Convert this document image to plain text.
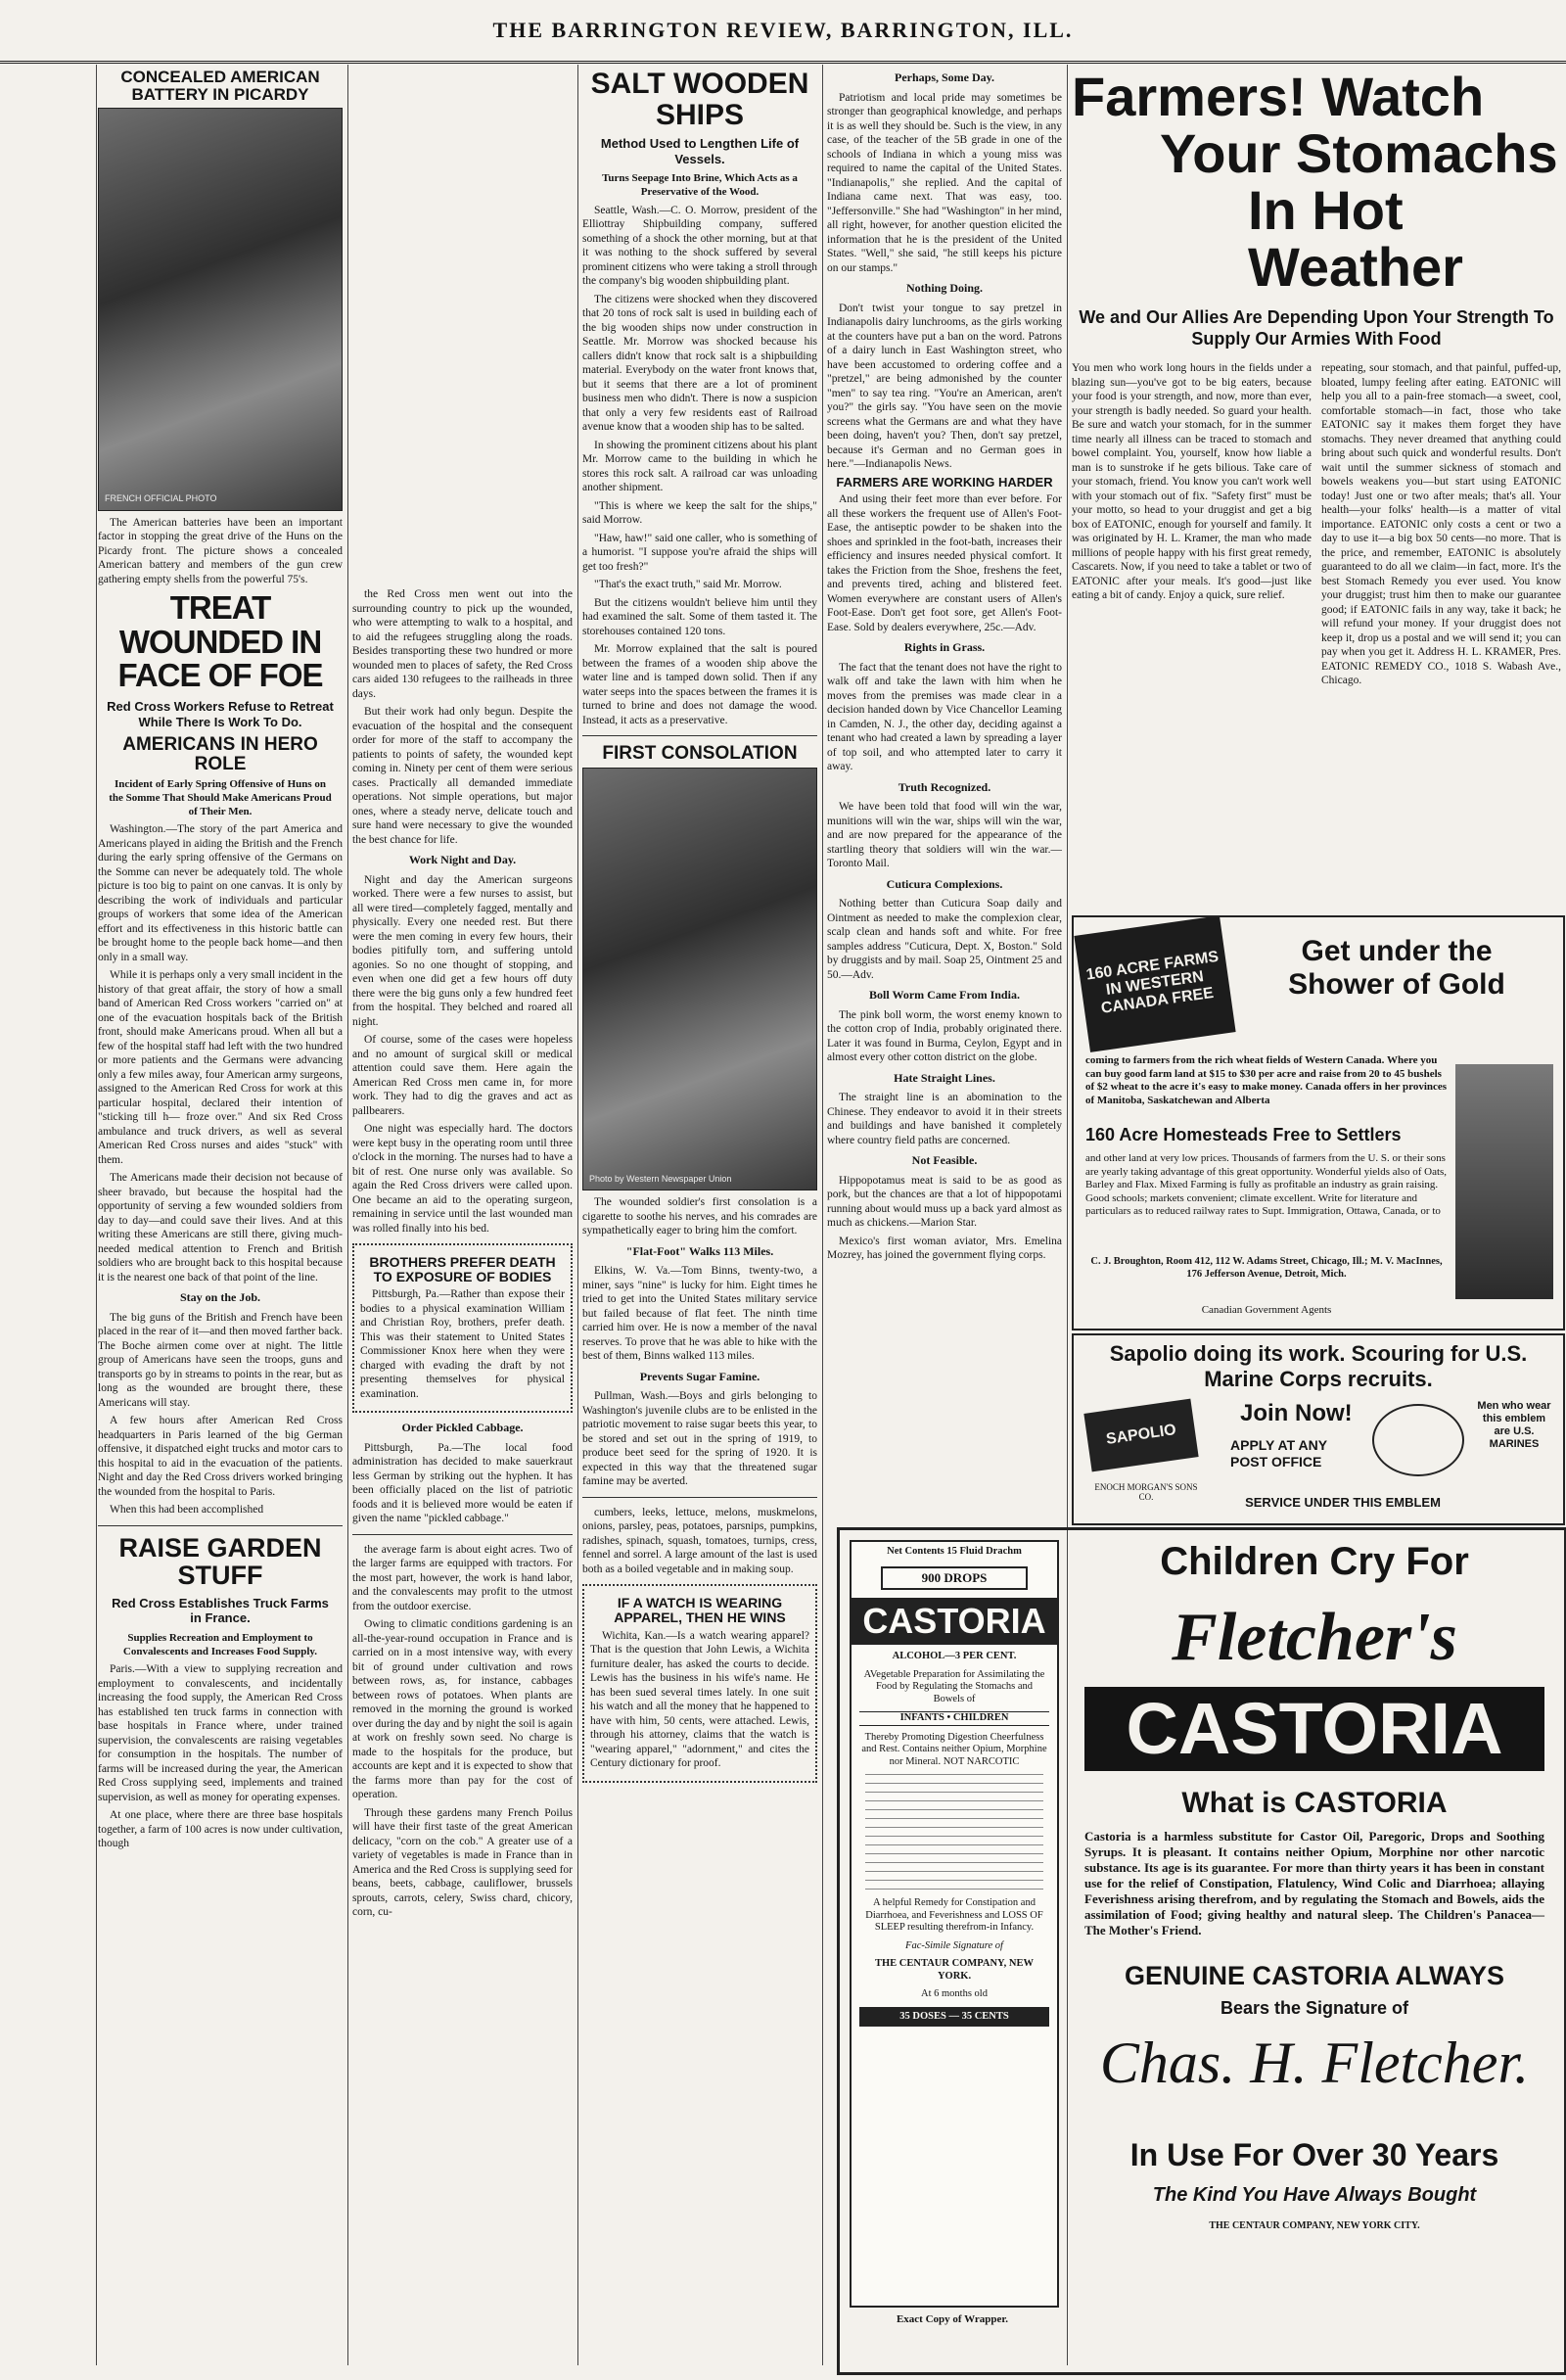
THE BARRINGTON REVIEW, BARRINGTON, ILL.
CONCEALED AMERICAN BATTERY IN PICARDY
FRENCH OFFICIAL PHOTO
The American batteries have been an important factor in stopping the great drive of the Huns on the Picardy front. The picture shows a concealed American battery and members of the gun crew gathering empty shells from the powerful 75's.
TREAT WOUNDED IN FACE OF FOE
Red Cross Workers Refuse to Retreat While There Is Work To Do.
AMERICANS IN HERO ROLE
Incident of Early Spring Offensive of Huns on the Somme That Should Make Americans Proud of Their Men.

Washington.—The story of the part America and Americans played in aiding the British and the French during the early spring offensive of the Germans on the Somme can never be adequately told. The whole picture is too big to paint on one canvas. It is only by describing the work of individuals and particular groups of workers that some idea of the American effort and its effectiveness in this historic battle can be brought home to the people back home—and then only in a small way.

While it is perhaps only a very small incident in the history of that great affair, the story of how a small band of American Red Cross workers "carried on" at one of the evacuation hospitals back of the British front, should make Americans proud. When all but a few of the hospital staff had left with the two hundred or more patients and the Germans were advancing only a few miles away, four American army surgeons, assigned to the American Red Cross for work at this particular hospital, declared their intention of "sticking till h— froze over." And six Red Cross ambulance and truck drivers, as well as several American Red Cross nurses and aides "stuck" with them.

The Americans made their decision not because of sheer bravado, but because the hospital had the opportunity of serving a few wounded soldiers from day to day—and could save their lives. And at this writing these Americans are still there, giving much-needed medical attention to French and British soldiers who are brought back to this hospital because it is the nearest one back of that point of the line.

Stay on the Job.

The big guns of the British and French have been placed in the rear of it—and then moved farther back. The Boche airmen come over at night. The little group of Americans have seen the troops, guns and transports go by in streams to points in the rear, but as long as the wounded are brought there, these Americans will stay.

A few hours after American Red Cross headquarters in Paris learned of the big German offensive, it dispatched eight trucks and motor cars to this hospital to aid in the evacuation of the patients. Night and day the Red Cross drivers worked bringing the wounded from the hospital to Paris.

When this had been accomplished

RAISE GARDEN STUFF
Red Cross Establishes Truck Farms in France.
Supplies Recreation and Employment to Convalescents and Increases Food Supply.

Paris.—With a view to supplying recreation and employment to convalescents, and incidentally increasing the food supply, the American Red Cross has established ten truck farms in connection with base hospitals in France where, under trained supervision, the convalescents are raising vegetables for consumption in the hospitals. The number of farms will be increased during the year, the American Red Cross supplying seed, implements and trained supervision, as well as money for operating expenses.

At one place, where there are three base hospitals together, a farm of 100 acres is now under cultivation, though

the Red Cross men went out into the surrounding country to pick up the wounded, who were attempting to walk to a hospital, and to aid the refugees struggling along the roads. Besides transporting these two hundred or more wounded men to places of safety, the Red Cross cars aided 130 refugees to the railheads in three days.

But their work had only begun. Despite the evacuation of the hospital and the consequent order for more of the staff to accompany the patients to points of safety, the wounded kept coming in. Ninety per cent of them were serious cases. Practically all demanded immediate operations. Not simple operations, but major ones, where a steady nerve, delicate touch and sure hand were necessary to give the wounded the best chance for life.

Work Night and Day.

Night and day the American surgeons worked. There were a few nurses to assist, but all were tired—completely fagged, mentally and physically. Every one needed rest. But there were the men coming in every few hours, their bodies pitifully torn, and suffering untold agonies. So no one thought of stopping, and even when one did get a few hours off duty there were the big guns only a few hundred feet from the hospital. They belched and roared all night.

Of course, some of the cases were hopeless and no amount of surgical skill or medical attention could save them. Here again the American Red Cross men came in, for more work. They had to dig the graves and act as pallbearers.

One night was especially hard. The doctors were kept busy in the operating room until three o'clock in the morning. The nurses had to have a bit of rest. One nurse only was available. So again the Red Cross drivers were called upon. One became an aid to the operating surgeon, remaining in service until the last wounded man was rolled finally into his bed.

BROTHERS PREFER DEATH TO EXPOSURE OF BODIES

Pittsburgh, Pa.—Rather than expose their bodies to a physical examination William and Christian Roy, brothers, prefer death. This was their statement to United States Commissioner Knox here when they were charged with evading the draft by not presenting themselves for physical examination.

Order Pickled Cabbage.

Pittsburgh, Pa.—The local food administration has decided to make sauerkraut less German by striking out the hyphen. It has been officially placed on the list of patriotic foods and it is believed more would be eaten if given the name "pickled cabbage."

the average farm is about eight acres. Two of the larger farms are equipped with tractors. For the most part, however, the work is hand labor, and the convalescents may profit to the utmost from the outdoor exercise.

Owing to climatic conditions gardening is an all-the-year-round occupation in France and is carried on in a most intensive way, with every bit of ground under cultivation and rows between rows, as, for instance, cabbages between rows of potatoes. When plants are removed in the morning the ground is worked over during the day and by night the soil is again at work on freshly sown seed. No charge is made to the hospitals for the produce, but accounts are kept and it is expected to show that the farms more than pay for the cost of operation.

Through these gardens many French Poilus will have their first taste of the great American delicacy, "corn on the cob." A greater use of a variety of vegetables is made in France than in America and the Red Cross is supplying seed for beans, beets, cabbage, cauliflower, brussels sprouts, carrots, celery, Swiss chard, chicory, corn, cu-

SALT WOODEN SHIPS
Method Used to Lengthen Life of Vessels.
Turns Seepage Into Brine, Which Acts as a Preservative of the Wood.

Seattle, Wash.—C. O. Morrow, president of the Elliottray Shipbuilding company, suffered something of a shock the other morning, but at that it was nothing to the shock suffered by several prominent citizens who were taking a stroll through the company's big wooden shipbuilding plant.

The citizens were shocked when they discovered that 20 tons of rock salt is used in building each of the big wooden ships now under construction in Seattle. Mr. Morrow was shocked because his callers didn't know that rock salt is a shipbuilding material. Everybody on the water front knows that, but it seems that there are a lot of prominent business men who didn't. There is now a suspicion that only a very few residents east of Railroad avenue know that a wooden ship has to be salted.

In showing the prominent citizens about his plant Mr. Morrow came to the building in which he stores this rock salt. A railroad car was unloading another shipment.

"This is where we keep the salt for the ships," said Morrow.

"Haw, haw!" said one caller, who is something of a humorist. "I suppose you're afraid the ships will get too fresh?"

"That's the exact truth," said Mr. Morrow.

But the citizens wouldn't believe him until they had examined the salt. Some of them tasted it. The storehouses contained 120 tons.

Mr. Morrow explained that the salt is poured between the frames of a wooden ship above the water line and is tamped down solid. Then if any water seeps into the spaces between the frames it is turned to brine and does not damage the wood. Instead, it acts as a preservative.

FIRST CONSOLATION
Photo by Western Newspaper Union
The wounded soldier's first consolation is a cigarette to soothe his nerves, and his comrades are sympathetically eager to bring him the comfort.
"Flat-Foot" Walks 113 Miles.

Elkins, W. Va.—Tom Binns, twenty-two, a miner, says "nine" is lucky for him. Eight times he tried to get into the United States military service but failed because of flat feet. The ninth time carried him over. He is now a member of the naval reserves. To prove that he was able to hike with the best of them, Binns walked 113 miles.

Prevents Sugar Famine.

Pullman, Wash.—Boys and girls belonging to Washington's juvenile clubs are to be enlisted in the patriotic movement to raise sugar beets this year, to be stored and set out in the spring of 1919, to produce beet seed for the spring of 1920. It is expected in this way that the threatened sugar famine may be averted.

cumbers, leeks, lettuce, melons, muskmelons, onions, parsley, peas, potatoes, parsnips, pumpkins, radishes, spinach, squash, tomatoes, turnips, cress, fennel and sorrel. A large amount of the last is used both as a boiled vegetable and in making soup.

IF A WATCH IS WEARING APPAREL, THEN HE WINS

Wichita, Kan.—Is a watch wearing apparel? That is the question that John Lewis, a Wichita furniture dealer, has asked the courts to decide. Lewis has the business in his wife's name. He has been sued several times lately. In one suit his watch and all the money that he happened to have with him, 50 cents, were attached. Lewis, through his attorney, claims that the watch is "wearing apparel," "adornment," and cites the Century dictionary for proof.

Perhaps, Some Day.

Patriotism and local pride may sometimes be stronger than geographical knowledge, and perhaps it is as well they should be. Such is the view, in any case, of the teacher of the 5B grade in one of the schools of Indiana in which a young miss was required to name the capital of the United States. "Indianapolis," she replied. And the capital of Indiana came next. That was easy, too. "Jeffersonville." She had "Washington" in her mind, all right, however, for another question elicited the information that he is the president of the United States. "Well," she said, "he still keeps his picture on our stamps."

Nothing Doing.

Don't twist your tongue to say pretzel in Indianapolis dairy lunchrooms, as the girls working at the counters have put a ban on the word. Patrons of a dairy lunch in East Washington street, who have been accustomed to ordering coffee and a "pretzel," are being admonished by the counter "men" to say tea ring. "You're an American, aren't you?" the girls say. "You have seen on the movie screens what the Germans are and what they have been doing, haven't you? Then, don't say pretzel, because it's German and no German goes in here."—Indianapolis News.

FARMERS ARE WORKING HARDER

And using their feet more than ever before. For all these workers the frequent use of Allen's Foot-Ease, the antiseptic powder to be shaken into the shoes and sprinkled in the foot-bath, increases their efficiency and insures needed physical comfort. It takes the Friction from the Shoe, freshens the feet, and prevents tired, aching and blistered feet. Women everywhere are constant users of Allen's Foot-Ease. Don't get foot sore, get Allen's Foot-Ease. Sold by dealers everywhere, 25c.—Adv.

Rights in Grass.

The fact that the tenant does not have the right to walk off and take the lawn with him when he moves from the premises was made clear in a decision handed down by Vice Chancellor Leaming in Camden, N. J., the other day, deciding against a tenant who had created a lawn by spreading a layer of top soil, and who attempted later to carry it away.

Truth Recognized.

We have been told that food will win the war, munitions will win the war, ships will win the war, and are now prepared for the appearance of the startling theory that soldiers will win the war.—Toronto Mail.

Cuticura Complexions.

Nothing better than Cuticura Soap daily and Ointment as needed to make the complexion clear, scalp clean and hands soft and white. For free samples address "Cuticura, Dept. X, Boston." Sold by druggists and by mail. Soap 25, Ointment 25 and 50.—Adv.

Boll Worm Came From India.

The pink boll worm, the worst enemy known to the cotton crop of India, probably originated there. Later it was found in Burma, Ceylon, Egypt and in almost every other cotton district on the globe.

Hate Straight Lines.

The straight line is an abomination to the Chinese. They endeavor to avoid it in their streets and buildings and have banished it completely where country field paths are concerned.

Not Feasible.

Hippopotamus meat is said to be as good as pork, but the chances are that a lot of hippopotami running about would muss up a back yard almost as much as chickens.—Marion Star.

Mexico's first woman aviator, Mrs. Emelina Mozrey, has joined the government flying corps.

Farmers! Watch
Your Stomachs
In Hot Weather
We and Our Allies Are Depending Upon Your Strength To Supply Our Armies With Food
You men who work long hours in the fields under a blazing sun—you've got to be big eaters, because your food is your strength, and now, more than ever, your strength is badly needed. So guard your health. Be sure and watch your stomach, for in the summer time nearly all illness can be traced to stomach and bowel complaint. You, yourself, know how liable a man is to sunstroke if he gets bilious. Take care of your stomach, friend. You know you can't work well with your stomach out of fix. "Safety first" must be your motto, so head to your druggist and get a big box of EATONIC, enough for yourself and family. It was originated by H. L. Kramer, the man who made millions of people happy with his first great remedy, Cascarets. Now, if you need to take a tablet or two of EATONIC after your meals. It's good—just like eating a bit of candy. Enjoy a quick, sure relief.
repeating, sour stomach, and that painful, puffed-up, bloated, lumpy feeling after eating. EATONIC will help you all to a pain-free stomach—a sweet, cool, comfortable stomach—in fact, those who take EATONIC say it makes them forget they have stomachs. They never dreamed that anything could bring about such quick and wonderful results. Don't wait until the summer sickness of stomach and bowels weakens you—but start using EATONIC today! Just one or two after meals; that's all. Your health—your folks' health—is a matter of vital importance. EATONIC only costs a cent or two a day to use it—a big box 50 cents—no more. That is the price, and remember, EATONIC is absolutely guaranteed to do all we claim—in fact, more. It's the best Stomach Remedy you ever used. You know your druggist; trust him then to make our guarantee good; if EATONIC fails in any way, take it back; he will refund your money. If your druggist does not keep it, drop us a postal and we will send it; you can pay when you get it. Address H. L. KRAMER, Pres. EATONIC REMEDY CO., 1018 S. Wabash Ave., Chicago.
160 ACRE FARMS IN WESTERN CANADA FREE
Get under the Shower of Gold
coming to farmers from the rich wheat fields of Western Canada. Where you can buy good farm land at $15 to $30 per acre and raise from 20 to 45 bushels of $2 wheat to the acre it's easy to make money. Canada offers in her provinces of Manitoba, Saskatchewan and Alberta
160 Acre Homesteads Free to Settlers
and other land at very low prices. Thousands of farmers from the U. S. or their sons are yearly taking advantage of this great opportunity. Wonderful yields also of Oats, Barley and Flax. Mixed Farming is fully as profitable an industry as grain raising. Good schools; markets convenient; climate excellent. Write for literature and particulars as to reduced railway rates to Supt. Immigration, Ottawa, Canada, or to
C. J. Broughton, Room 412, 112 W. Adams Street, Chicago, Ill.; M. V. MacInnes, 176 Jefferson Avenue, Detroit, Mich.
Canadian Government Agents
Sapolio doing its work. Scouring for U.S. Marine Corps recruits.
SAPOLIO
ENOCH MORGAN'S SONS CO.
Join Now!
APPLY AT ANY POST OFFICE
Men who wear this emblem are U.S. MARINES
SERVICE UNDER THIS EMBLEM
Net Contents 15 Fluid Drachm
900 DROPS
CASTORIA
ALCOHOL—3 PER CENT.
AVegetable Preparation for Assimilating the Food by Regulating the Stomachs and Bowels of
INFANTS • CHILDREN
Thereby Promoting Digestion Cheerfulness and Rest. Contains neither Opium, Morphine nor Mineral. NOT NARCOTIC
A helpful Remedy for Constipation and Diarrhoea, and Feverishness and LOSS OF SLEEP resulting therefrom-in Infancy.
Fac-Simile Signature of
THE CENTAUR COMPANY, NEW YORK.
At 6 months old
35 DOSES — 35 CENTS
Exact Copy of Wrapper.
Children Cry For
Fletcher's
CASTORIA
What is CASTORIA
Castoria is a harmless substitute for Castor Oil, Paregoric, Drops and Soothing Syrups. It is pleasant. It contains neither Opium, Morphine nor other narcotic substance. Its age is its guarantee. For more than thirty years it has been in constant use for the relief of Constipation, Flatulency, Wind Colic and Diarrhoea; allaying Feverishness arising therefrom, and by regulating the Stomach and Bowels, aids the assimilation of Food; giving healthy and natural sleep. The Children's Panacea—The Mother's Friend.
GENUINE CASTORIA ALWAYS
Bears the Signature of
Chas. H. Fletcher.
In Use For Over 30 Years
The Kind You Have Always Bought
THE CENTAUR COMPANY, NEW YORK CITY.
